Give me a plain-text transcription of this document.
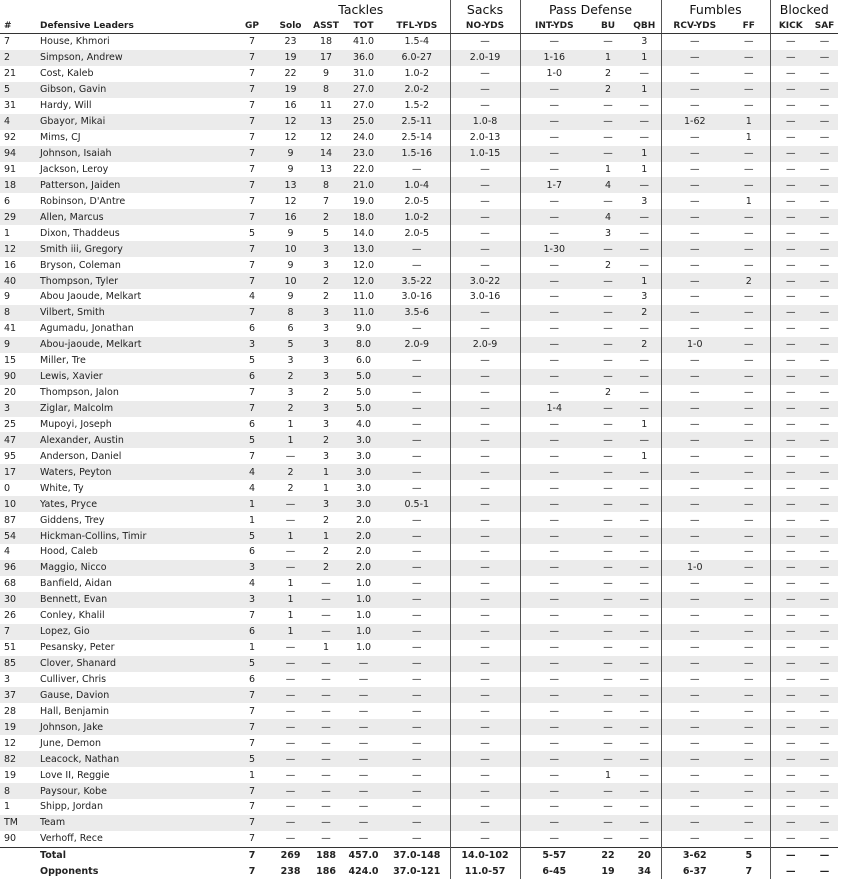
			Tackles				Sacks	Pass Defense			Fumbles		Blocked	
#	Defensive Leaders	GP	Solo	ASST	TOT	TFL-YDS	NO-YDS	INT-YDS	BU	QBH	RCV-YDS	FF	KICK	SAF
7	House, Khmori	7	23	18	41.0	1.5-4	—	—	—	3	—	—	—	—
2	Simpson, Andrew	7	19	17	36.0	6.0-27	2.0-19	1-16	1	1	—	—	—	—
21	Cost, Kaleb	7	22	9	31.0	1.0-2	—	1-0	2	—	—	—	—	—
5	Gibson, Gavin	7	19	8	27.0	2.0-2	—	—	2	1	—	—	—	—
31	Hardy, Will	7	16	11	27.0	1.5-2	—	—	—	—	—	—	—	—
4	Gbayor, Mikai	7	12	13	25.0	2.5-11	1.0-8	—	—	—	1-62	1	—	—
92	Mims, CJ	7	12	12	24.0	2.5-14	2.0-13	—	—	—	—	1	—	—
94	Johnson, Isaiah	7	9	14	23.0	1.5-16	1.0-15	—	—	1	—	—	—	—
91	Jackson, Leroy	7	9	13	22.0	—	—	—	1	1	—	—	—	—
18	Patterson, Jaiden	7	13	8	21.0	1.0-4	—	1-7	4	—	—	—	—	—
6	Robinson, D'Antre	7	12	7	19.0	2.0-5	—	—	—	3	—	1	—	—
29	Allen, Marcus	7	16	2	18.0	1.0-2	—	—	4	—	—	—	—	—
1	Dixon, Thaddeus	5	9	5	14.0	2.0-5	—	—	3	—	—	—	—	—
12	Smith iii, Gregory	7	10	3	13.0	—	—	1-30	—	—	—	—	—	—
16	Bryson, Coleman	7	9	3	12.0	—	—	—	2	—	—	—	—	—
40	Thompson, Tyler	7	10	2	12.0	3.5-22	3.0-22	—	—	1	—	2	—	—
9	Abou Jaoude, Melkart	4	9	2	11.0	3.0-16	3.0-16	—	—	3	—	—	—	—
8	Vilbert, Smith	7	8	3	11.0	3.5-6	—	—	—	2	—	—	—	—
41	Agumadu, Jonathan	6	6	3	9.0	—	—	—	—	—	—	—	—	—
9	Abou-jaoude, Melkart	3	5	3	8.0	2.0-9	2.0-9	—	—	2	1-0	—	—	—
15	Miller, Tre	5	3	3	6.0	—	—	—	—	—	—	—	—	—
90	Lewis, Xavier	6	2	3	5.0	—	—	—	—	—	—	—	—	—
20	Thompson, Jalon	7	3	2	5.0	—	—	—	2	—	—	—	—	—
3	Ziglar, Malcolm	7	2	3	5.0	—	—	1-4	—	—	—	—	—	—
25	Mupoyi, Joseph	6	1	3	4.0	—	—	—	—	1	—	—	—	—
47	Alexander, Austin	5	1	2	3.0	—	—	—	—	—	—	—	—	—
95	Anderson, Daniel	7	—	3	3.0	—	—	—	—	1	—	—	—	—
17	Waters, Peyton	4	2	1	3.0	—	—	—	—	—	—	—	—	—
0	White, Ty	4	2	1	3.0	—	—	—	—	—	—	—	—	—
10	Yates, Pryce	1	—	3	3.0	0.5-1	—	—	—	—	—	—	—	—
87	Giddens, Trey	1	—	2	2.0	—	—	—	—	—	—	—	—	—
54	Hickman-Collins, Timir	5	1	1	2.0	—	—	—	—	—	—	—	—	—
4	Hood, Caleb	6	—	2	2.0	—	—	—	—	—	—	—	—	—
96	Maggio, Nicco	3	—	2	2.0	—	—	—	—	—	1-0	—	—	—
68	Banfield, Aidan	4	1	—	1.0	—	—	—	—	—	—	—	—	—
30	Bennett, Evan	3	1	—	1.0	—	—	—	—	—	—	—	—	—
26	Conley, Khalil	7	1	—	1.0	—	—	—	—	—	—	—	—	—
7	Lopez, Gio	6	1	—	1.0	—	—	—	—	—	—	—	—	—
51	Pesansky, Peter	1	—	1	1.0	—	—	—	—	—	—	—	—	—
85	Clover, Shanard	5	—	—	—	—	—	—	—	—	—	—	—	—
3	Culliver, Chris	6	—	—	—	—	—	—	—	—	—	—	—	—
37	Gause, Davion	7	—	—	—	—	—	—	—	—	—	—	—	—
28	Hall, Benjamin	7	—	—	—	—	—	—	—	—	—	—	—	—
19	Johnson, Jake	7	—	—	—	—	—	—	—	—	—	—	—	—
12	June, Demon	7	—	—	—	—	—	—	—	—	—	—	—	—
82	Leacock, Nathan	5	—	—	—	—	—	—	—	—	—	—	—	—
19	Love II, Reggie	1	—	—	—	—	—	—	1	—	—	—	—	—
8	Paysour, Kobe	7	—	—	—	—	—	—	—	—	—	—	—	—
1	Shipp, Jordan	7	—	—	—	—	—	—	—	—	—	—	—	—
TM	Team	7	—	—	—	—	—	—	—	—	—	—	—	—
90	Verhoff, Rece	7	—	—	—	—	—	—	—	—	—	—	—	—
	Total	7	269	188	457.0	37.0-148	14.0-102	5-57	22	20	3-62	5	—	—
	Opponents	7	238	186	424.0	37.0-121	11.0-57	6-45	19	34	6-37	7	—	—
